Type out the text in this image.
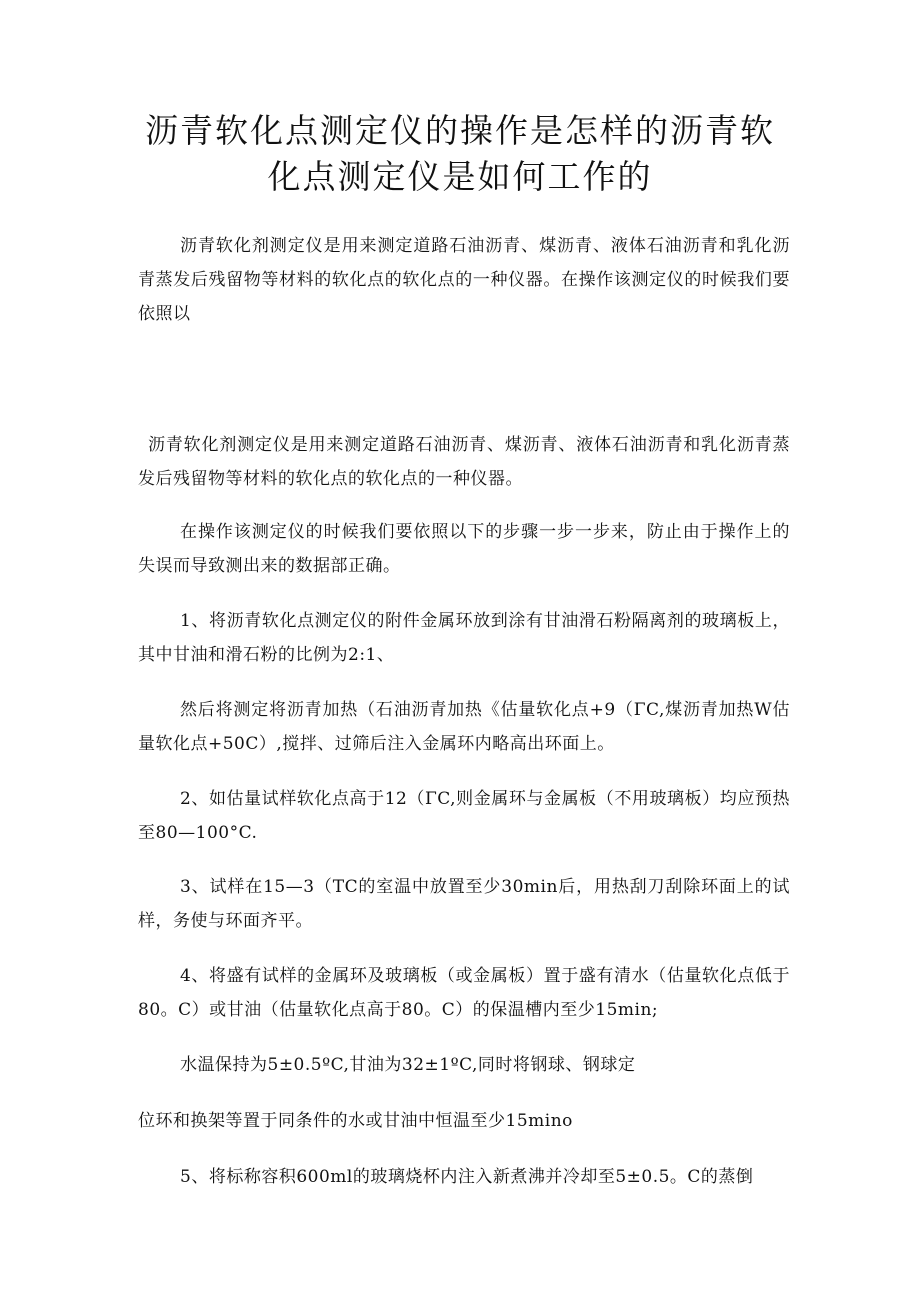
沥青软化点测定仪的操作是怎样的沥青软化点测定仪是如何工作的

沥青软化剂测定仪是用来测定道路石油沥青、煤沥青、液体石油沥青和乳化沥青蒸发后残留物等材料的软化点的软化点的一种仪器。在操作该测定仪的时候我们要依照以

沥青软化剂测定仪是用来测定道路石油沥青、煤沥青、液体石油沥青和乳化沥青蒸发后残留物等材料的软化点的软化点的一种仪器。

在操作该测定仪的时候我们要依照以下的步骤一步一步来，防止由于操作上的失误而导致测出来的数据部正确。

1、将沥青软化点测定仪的附件金属环放到涂有甘油滑石粉隔离剂的玻璃板上，其中甘油和滑石粉的比例为2:1、

然后将测定将沥青加热（石油沥青加热《估量软化点+9（ΓC,煤沥青加热W估量软化点+50C）,搅拌、过筛后注入金属环内略高出环面上。

2、如估量试样软化点高于12（ΓC,则金属环与金属板（不用玻璃板）均应预热至80—100°C.

3、试样在15—3（TC的室温中放置至少30min后，用热刮刀刮除环面上的试样，务使与环面齐平。

4、将盛有试样的金属环及玻璃板（或金属板）置于盛有清水（估量软化点低于80。C）或甘油（估量软化点高于80。C）的保温槽内至少15min;

水温保持为5±0.5ºC,甘油为32±1ºC,同时将钢球、钢球定

位环和换架等置于同条件的水或甘油中恒温至少15mino

5、将标称容积600ml的玻璃烧杯内注入新煮沸并冷却至5±0.5。C的蒸倒
